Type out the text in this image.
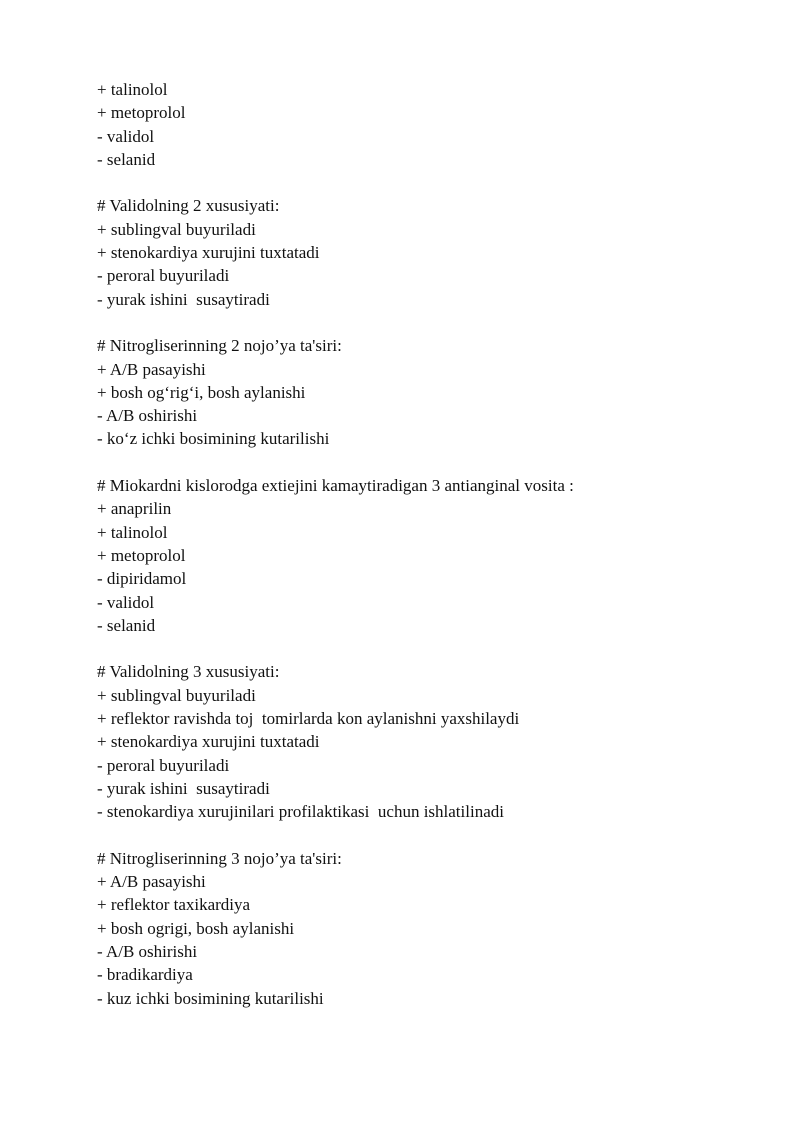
+ talinolol
+ metoprolol
- validol
- selanid
# Validolning 2 xususiyati:
+ sublingval buyuriladi
+ stenokardiya xurujini tuxtatadi
- peroral buyuriladi
- yurak ishini  susaytiradi
# Nitrogliserinning 2 nojo’ya ta'siri:
+ A/B pasayishi
+ bosh og‘rig‘i, bosh aylanishi
- A/B oshirishi
- ko‘z ichki bosimining kutarilishi
# Miokardni kislorodga extiejini kamaytiradigan 3 antianginal vosita :
+ anaprilin
+ talinolol
+ metoprolol
- dipiridamol
- validol
- selanid
# Validolning 3 xususiyati:
+ sublingval buyuriladi
+ reflektor ravishda toj  tomirlarda kon aylanishni yaxshilaydi
+ stenokardiya xurujini tuxtatadi
- peroral buyuriladi
- yurak ishini  susaytiradi
- stenokardiya xurujinilari profilaktikasi  uchun ishlatilinadi
# Nitrogliserinning 3 nojo’ya ta'siri:
+ A/B pasayishi
+ reflektor taxikardiya
+ bosh ogrigi, bosh aylanishi
- A/B oshirishi
- bradikardiya
- kuz ichki bosimining kutarilishi
